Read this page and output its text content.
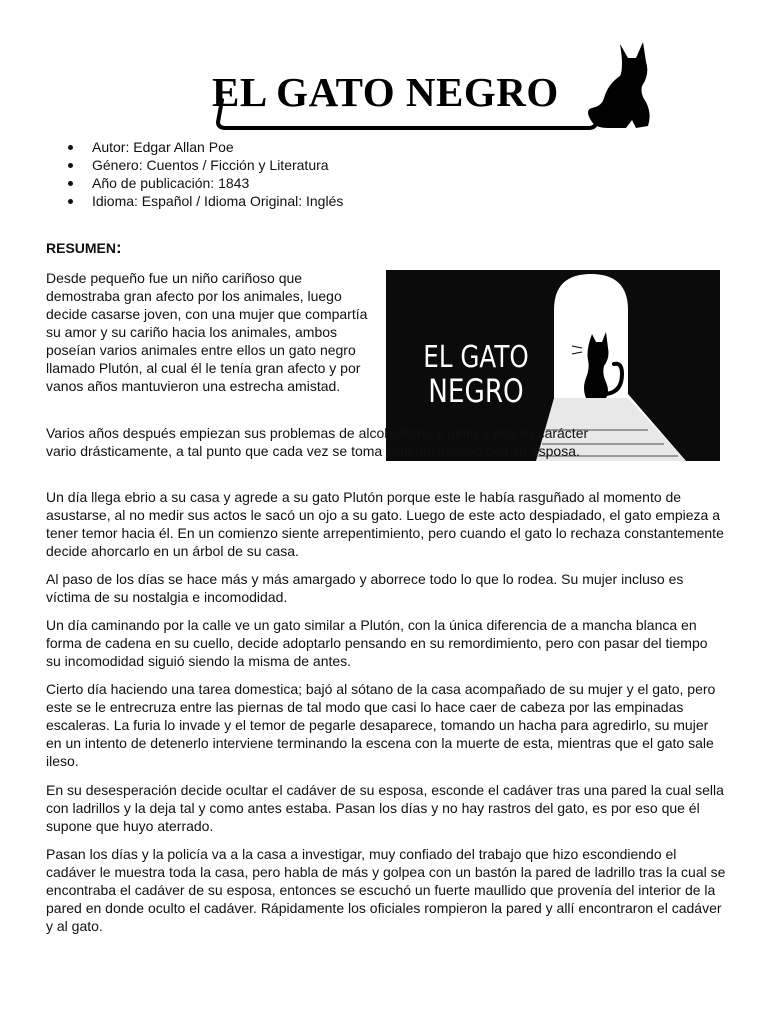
EL GATO NEGRO
Autor: Edgar Allan Poe
Género: Cuentos / Ficción y Literatura
Año de publicación: 1843
Idioma: Español / Idioma Original: Inglés
RESUMEN:
EL GATO
NEGRO

Desde pequeño fue un niño cariñoso que demostraba gran afecto por los animales, luego decide casarse joven, con una mujer que compartía su amor y su cariño hacia los animales, ambos poseían varios animales entre ellos un gato negro llamado Plutón, al cual él le tenía gran afecto y por vanos años mantuvieron una estrecha amistad.

Varios años después empiezan sus problemas de alcoholismo y junto a ello su carácter vario drásticamente, a tal punto que cada vez se toma violento incluso con su esposa.

Un día llega ebrio a su casa y agrede a su gato Plutón porque este le había rasguñado al momento de asustarse, al no medir sus actos le sacó un ojo a su gato. Luego de este acto despiadado, el gato empieza a tener temor hacia él. En un comienzo siente arrepentimiento, pero cuando el gato lo rechaza constantemente decide ahorcarlo en un árbol de su casa.

Al paso de los días se hace más y más amargado y aborrece todo lo que lo rodea. Su mujer incluso es víctima de su nostalgia e incomodidad.

Un día caminando por la calle ve un gato similar a Plutón, con la única diferencia de a mancha blanca en forma de cadena en su cuello, decide adoptarlo pensando en su remordimiento, pero con pasar del tiempo su incomodidad siguió siendo la misma de antes.

Cierto día haciendo una tarea domestica; bajó al sótano de la casa acompañado de su mujer y el gato, pero este se le entrecruza entre las piernas de tal modo que casi lo hace caer de cabeza por las empinadas escaleras. La furia lo invade y el temor de pegarle desaparece, tomando un hacha para agredirlo, su mujer en un intento de detenerlo interviene terminando la escena con la muerte de esta, mientras que el gato sale ileso.

En su desesperación decide ocultar el cadáver de su esposa, esconde el cadáver tras una pared la cual sella con ladrillos y la deja tal y como antes estaba. Pasan los días y no hay rastros del gato, es por eso que él supone que huyo aterrado.

Pasan los días y la policía va a la casa a investigar, muy confiado del trabajo que hizo escondiendo el cadáver le muestra toda la casa, pero habla de más y golpea con un bastón la pared de ladrillo tras la cual se encontraba el cadáver de su esposa, entonces se escuchó un fuerte maullido que provenía del interior de la pared en donde oculto el cadáver. Rápidamente los oficiales rompieron la pared y allí encontraron el cadáver y al gato.
